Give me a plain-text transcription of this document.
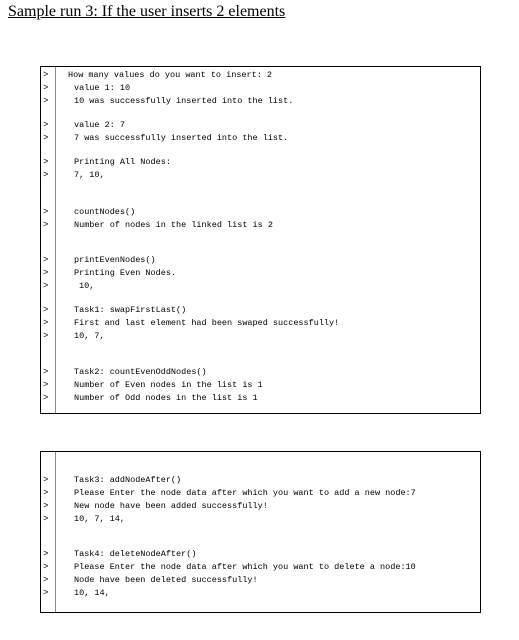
Sample run 3: If the user inserts 2 elements
>	How many values do you want to insert: 2
>	value 1: 10
>	10 was successfully inserted into the list.
>	value 2: 7
>	7 was successfully inserted into the list.
>	Printing All Nodes:
>	7, 10,
>	countNodes()
>	Number of nodes in the linked list is 2
>	printEvenNodes()
>	Printing Even Nodes.
>	10,
>	Task1: swapFirstLast()
>	First and last element had been swaped successfully!
>	10, 7,
>	Task2: countEvenOddNodes()
>	Number of Even nodes in the list is 1
>	Number of Odd nodes in the list is 1
>	Task3: addNodeAfter()
>	Please Enter the node data after which you want to add a new node:7
>	New node have been added successfully!
>	10, 7, 14,
>	Task4: deleteNodeAfter()
>	Please Enter the node data after which you want to delete a node:10
>	Node have been deleted successfully!
>	10, 14,
